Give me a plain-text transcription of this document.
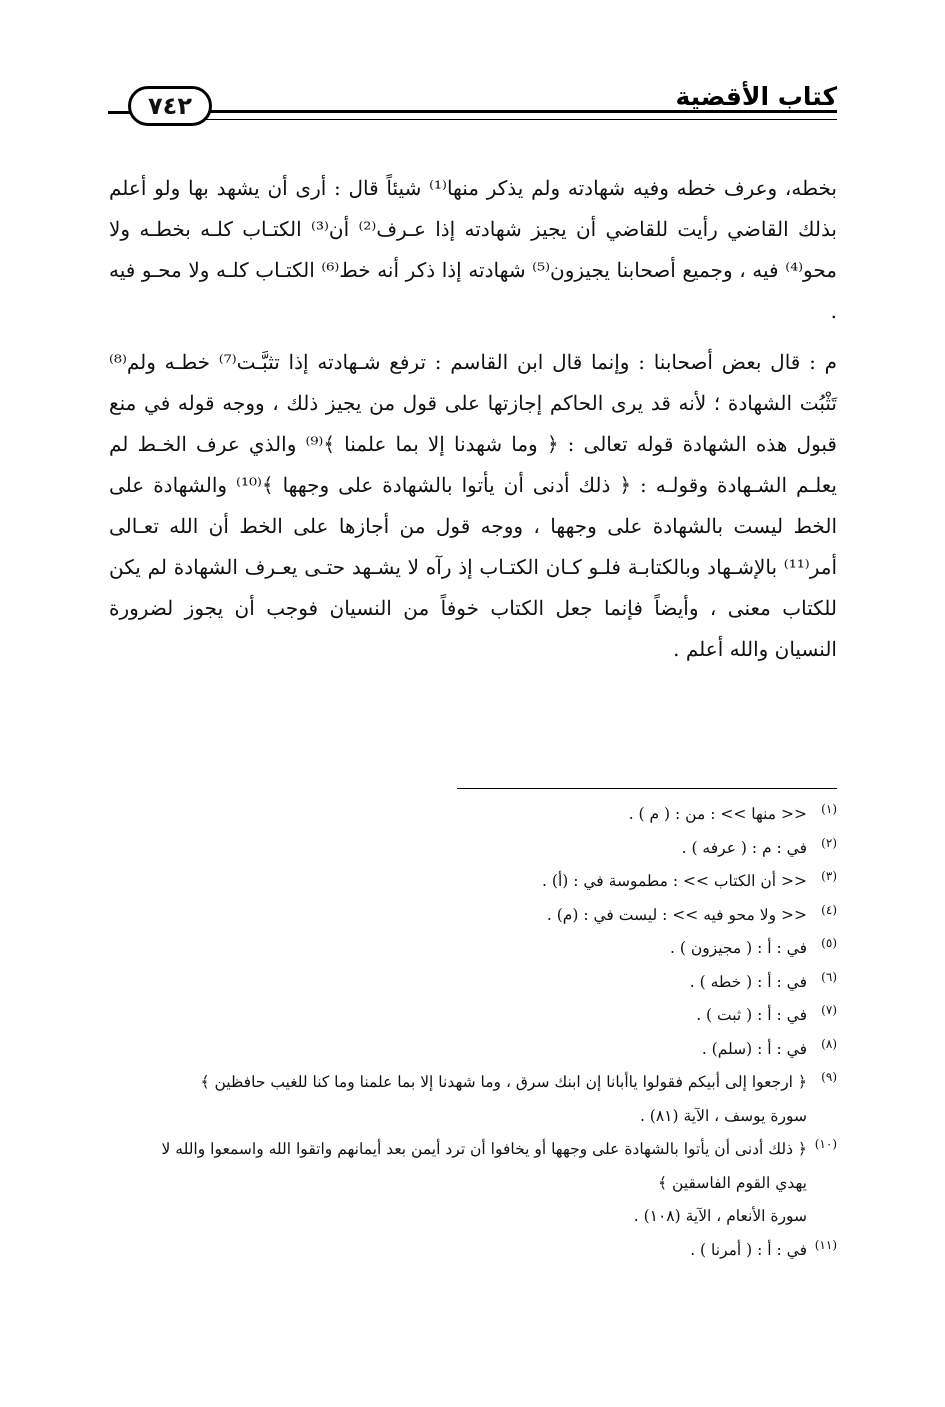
كتاب الأقضية
٧٤٢

بخطه، وعرف خطه وفيه شهادته ولم يذكر منها⁽¹⁾ شيئاً قال : أرى أن يشهد بها ولو أعلم بذلك القاضي رأيت للقاضي أن يجيز شهادته إذا عـرف⁽²⁾ أن⁽³⁾ الكتـاب كلـه بخطـه ولا محو⁽⁴⁾ فيه ، وجميع أصحابنا يجيزون⁽⁵⁾ شهادته إذا ذكر أنه خط⁽⁶⁾ الكتـاب كلـه ولا محـو فيه .

م : قال بعض أصحابنا : وإنما قال ابن القاسم : ترفع شـهادته إذا تثبَّـت⁽⁷⁾ خطـه ولم⁽⁸⁾ تَثْبُت الشهادة ؛ لأنه قد يرى الحاكم إجازتها على قول من يجيز ذلك ، ووجه قوله في منع قبول هذه الشهادة قوله تعالى : ﴿ وما شهدنا إلا بما علمنا ﴾⁽⁹⁾ والذي عرف الخـط لم يعلـم الشـهادة وقولـه : ﴿ ذلك أدنى أن يأتوا بالشهادة على وجهها ﴾⁽¹⁰⁾ والشهادة على الخط ليست بالشهادة على وجهها ، ووجه قول من أجازها على الخط أن الله تعـالى أمر⁽¹¹⁾ بالإشـهاد وبالكتابـة فلـو كـان الكتـاب إذ رآه لا يشـهد حتـى يعـرف الشهادة لم يكن للكتاب معنى ، وأيضاً فإنما جعل الكتاب خوفاً من النسيان فوجب أن يجوز لضرورة النسيان والله أعلم .

(١)<< منها >> : من : ( م ) .
(٢)في : م : ( عرفه ) .
(٣)<< أن الكتاب >> : مطموسة في : (أ) .
(٤)<< ولا محو فيه >> : ليست في : (م) .
(٥)في : أ : ( مجيزون ) .
(٦)في : أ : ( خطه ) .
(٧)في : أ : ( ثبت ) .
(٨)في : أ : (سلم) .
(٩)﴿ ارجعوا إلى أبيكم فقولوا ياأبانا إن ابنك سرق ، وما شهدنا إلا بما علمنا وما كنا للغيب حافظين ﴾
سورة يوسف ، الآية (٨١) .
(١٠)﴿ ذلك أدنى أن يأتوا بالشهادة على وجهها أو يخافوا أن ترد أيمن بعد أيمانهم واتقوا الله واسمعوا والله لا
يهدي القوم الفاسقين ﴾
سورة الأنعام ، الآية (١٠٨) .
(١١)في : أ : ( أمرنا ) .
